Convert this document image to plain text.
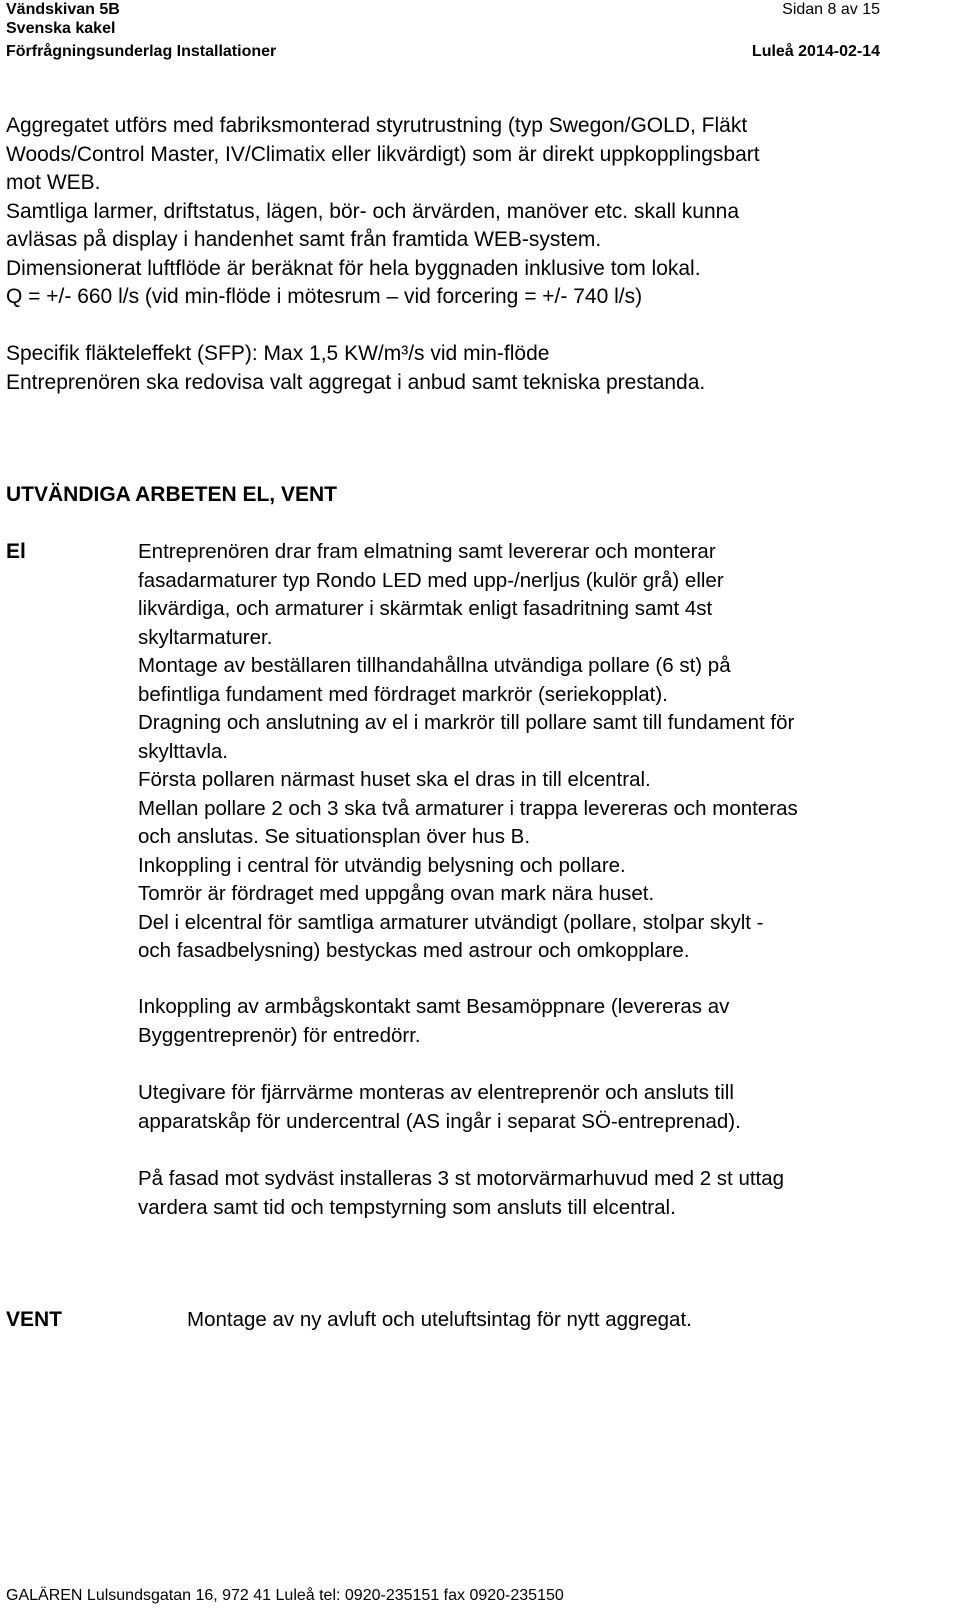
Vändskivan 5B	Sidan 8 av 15
Svenska kakel
Förfrågningsunderlag Installationer	Luleå 2014-02-14
Aggregatet utförs med fabriksmonterad styrutrustning (typ Swegon/GOLD, Fläkt
Woods/Control Master, IV/Climatix eller likvärdigt) som är direkt uppkopplingsbart
mot WEB.
Samtliga larmer, driftstatus, lägen, bör- och ärvärden, manöver etc. skall kunna
avläsas på display i handenhet samt från framtida WEB-system.
Dimensionerat luftflöde är beräknat för hela byggnaden inklusive tom lokal.
Q = +/- 660 l/s (vid min-flöde i mötesrum – vid forcering = +/- 740 l/s)
Specifik fläkteleffekt (SFP): Max 1,5 KW/m³/s vid min-flöde
Entreprenören ska redovisa valt aggregat i anbud samt tekniska prestanda.
UTVÄNDIGA ARBETEN EL, VENT
El	Entreprenören drar fram elmatning samt levererar och monterar
fasadarmaturer typ Rondo LED med upp-/nerljus (kulör grå) eller
likvärdiga, och armaturer i skärmtak enligt fasadritning samt 4st
skyltarmaturer.
Montage av beställaren tillhandahållna utvändiga pollare (6 st) på
befintliga fundament med fördraget markrör (seriekopplat).
Dragning och anslutning av el i markrör till pollare samt till fundament för
skylttavla.
Första pollaren närmast huset ska el dras in till elcentral.
Mellan pollare 2 och 3 ska två armaturer i trappa levereras och monteras
och anslutas. Se situationsplan över hus B.
Inkoppling i central för utvändig belysning och pollare.
Tomrör är fördraget med uppgång ovan mark nära huset.
Del i elcentral för samtliga armaturer utvändigt (pollare, stolpar skylt -
och fasadbelysning) bestyckas med astrour och omkopplare.
Inkoppling av armbågskontakt samt Besamöppnare (levereras av
Byggentreprenör) för entredörr.
Utegivare för fjärrvärme monteras av elentreprenör och ansluts till
apparatskåp för undercentral (AS ingår i separat SÖ-entreprenad).
På fasad mot sydväst installeras 3 st motorvärmarhuvud med 2 st uttag
vardera samt tid och tempstyrning som ansluts till elcentral.
VENT	Montage av ny avluft och uteluftsintag för nytt aggregat.
GALÄREN Lulsundsgatan 16, 972 41 Luleå tel: 0920-235151 fax 0920-235150
